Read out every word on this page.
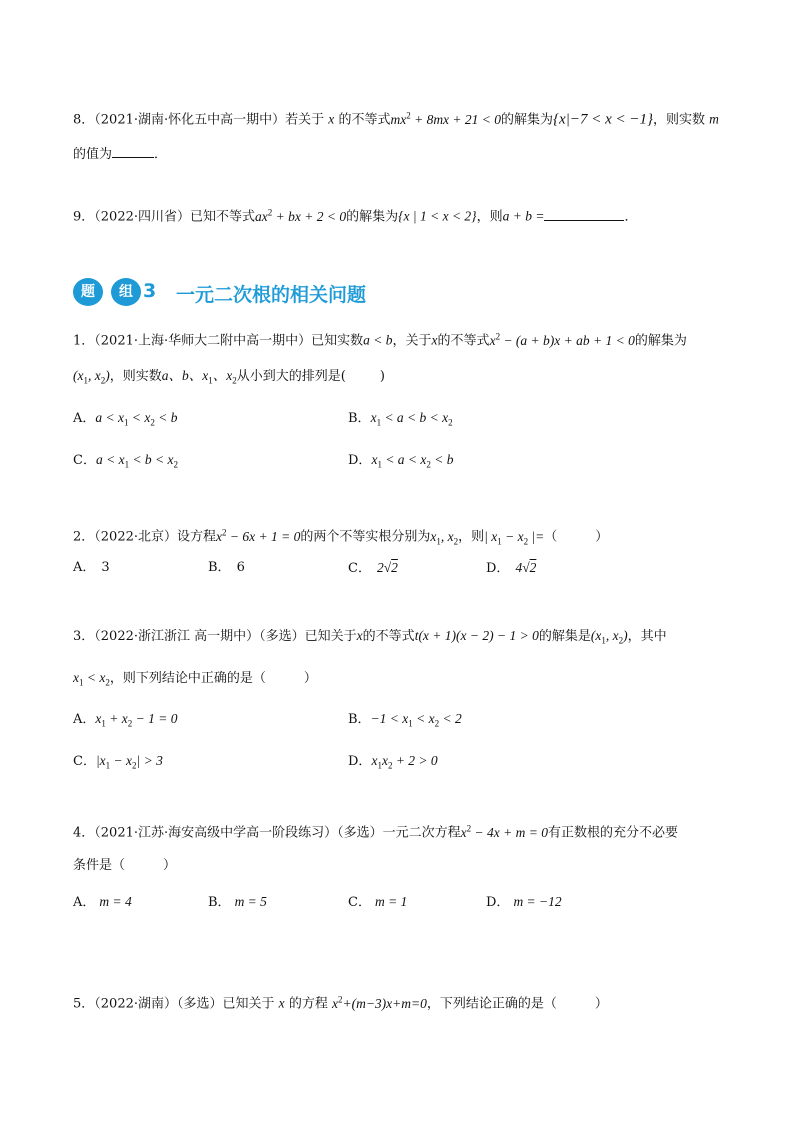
8．（2021·湖南·怀化五中高一期中）若关于 x 的不等式$mx^2 + 8mx + 21 < 0$的解集为{x|−7 < x < −1}，则实数 m
的值为	．
9．（2022·四川省）已知不等式$ax^2$ + bx + 2 < 0的解集为{x | 1 < x < 2}，则a + b =	．
题	组 3 一元二次根的相关问题
1．（2021·上海·华师大二附中高一期中）已知实数a < b，关于x的不等式$x^2 - (a + b)x$ + ab + 1 < 0的解集为
($x_1$, $x_2$)，则实数a、b、$x_1$、$x_2$从小到大的排列是(	)
A．$a < x_1 < x_2 < b$	B．$x_1 < a < b < x_2$
C．$a < x_1 < b < x_2$	D．$x_1 < a < x_2 < b$
2．（2022·北京）设方程$x^2 - 6x + 1 = 0$的两个不等实根分别为$x_1$, $x_2$，则| $x_1 - x_2$ |=（	）
A． 3	B． 6	C． 2√2	D． 4√2
3．（2022·浙江浙江 高一期中）（多选）已知关于x的不等式t(x + 1)(x − 2) − 1 > 0的解集是($x_1$, $x_2$)，其中
$x_1 < x_2$，则下列结论中正确的是（	）
A．$x_1 + x_2 - 1 = 0$	B．$-1 < x_1 < x_2 < 2$
C．$|x_1 - x_2| > 3$	D．$x_1x_2 + 2 > 0$
4．（2021·江苏·海安高级中学高一阶段练习）（多选）一元二次方程$x^2 - 4x + m = 0$有正数根的充分不必要
条件是（	）
A． m = 4	B． m = 5	C． m = 1	D． m = −12
5．（2022·湖南）（多选）已知关于 x 的方程 $x^2+(m-3)x+m=0$，下列结论正确的是（	）
